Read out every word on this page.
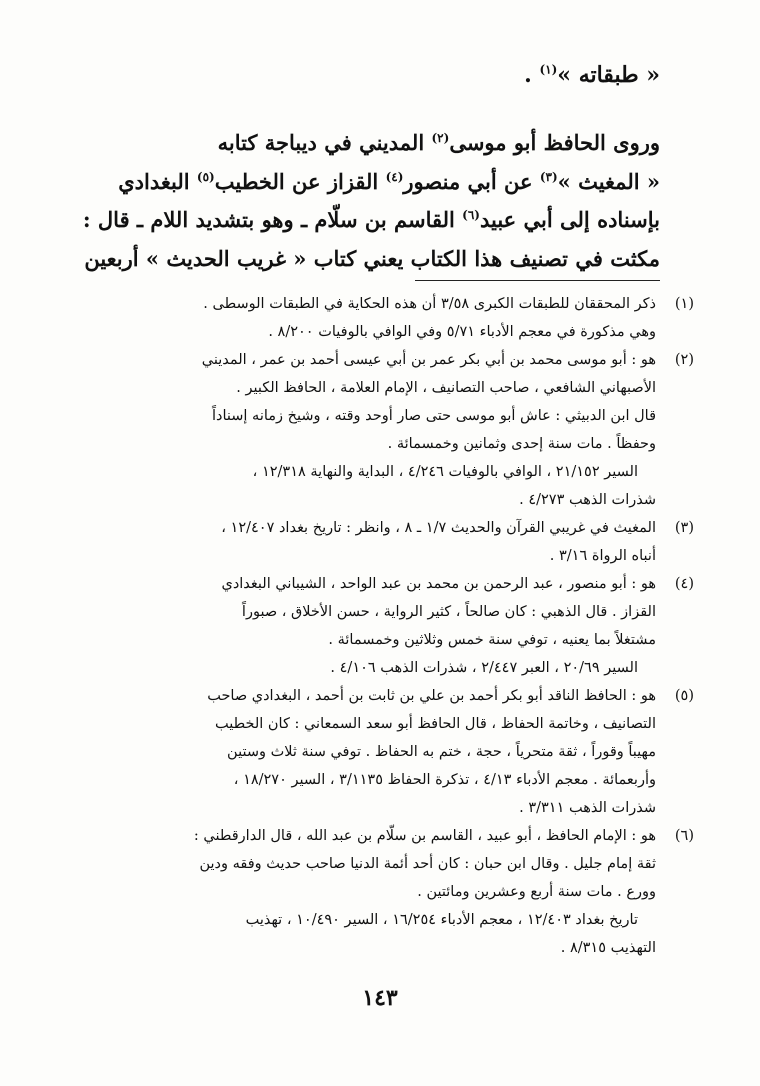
« طبقاته »$^{(١)}$ .
وروى الحافظ أبو موسى$^{(٢)}$ المديني في ديباجة كتابه
« المغيث »$^{(٣)}$ عن أبي منصور$^{(٤)}$ القزاز عن الخطيب$^{(٥)}$ البغدادي
بإسناده إلى أبي عبيد$^{(٦)}$ القاسم بن سلّام ـ وهو بتشديد اللام ـ قال :
مكثت في تصنيف هذا الكتاب يعني كتاب « غريب الحديث » أربعين
(١)
ذكر المحققان للطبقات الكبرى ٣/٥٨ أن هذه الحكاية في الطبقات الوسطى .
وهي مذكورة في معجم الأدباء ٥/٧١ وفي الوافي بالوفيات ٨/٢٠٠ .
(٢)
هو : أبو موسى محمد بن أبي بكر عمر بن أبي عيسى أحمد بن عمر ، المديني
الأصبهاني الشافعي ، صاحب التصانيف ، الإمام العلامة ، الحافظ الكبير .
قال ابن الدبيثي : عاش أبو موسى حتى صار أوحد وقته ، وشيخ زمانه إسناداً
وحفظاً . مات سنة إحدى وثمانين وخمسمائة .
السير ٢١/١٥٢ ، الوافي بالوفيات ٤/٢٤٦ ، البداية والنهاية ١٢/٣١٨ ،
شذرات الذهب ٤/٢٧٣ .
(٣)
المغيث في غريبي القرآن والحديث ١/٧ ـ ٨ ، وانظر : تاريخ بغداد ١٢/٤٠٧ ،
أنباه الرواة ٣/١٦ .
(٤)
هو : أبو منصور ، عبد الرحمن بن محمد بن عبد الواحد ، الشيباني البغدادي
القزاز . قال الذهبي : كان صالحاً ، كثير الرواية ، حسن الأخلاق ، صبوراً
مشتغلاً بما يعنيه ، توفي سنة خمس وثلاثين وخمسمائة .
السير ٢٠/٦٩ ، العبر ٢/٤٤٧ ، شذرات الذهب ٤/١٠٦ .
(٥)
هو : الحافظ الناقد أبو بكر أحمد بن علي بن ثابت بن أحمد ، البغدادي صاحب
التصانيف ، وخاتمة الحفاظ ، قال الحافظ أبو سعد السمعاني : كان الخطيب
مهيباً وقوراً ، ثقة متحرياً ، حجة ، ختم به الحفاظ . توفي سنة ثلاث وستين
وأربعمائة . معجم الأدباء ٤/١٣ ، تذكرة الحفاظ ٣/١١٣٥ ، السير ١٨/٢٧٠ ،
شذرات الذهب ٣/٣١١ .
(٦)
هو : الإمام الحافظ ، أبو عبيد ، القاسم بن سلّام بن عبد الله ، قال الدارقطني :
ثقة إمام جليل . وقال ابن حبان : كان أحد أئمة الدنيا صاحب حديث وفقه ودين
وورع . مات سنة أربع وعشرين ومائتين .
تاريخ بغداد ١٢/٤٠٣ ، معجم الأدباء ١٦/٢٥٤ ، السير ١٠/٤٩٠ ، تهذيب
التهذيب ٨/٣١٥ .
١٤٣
